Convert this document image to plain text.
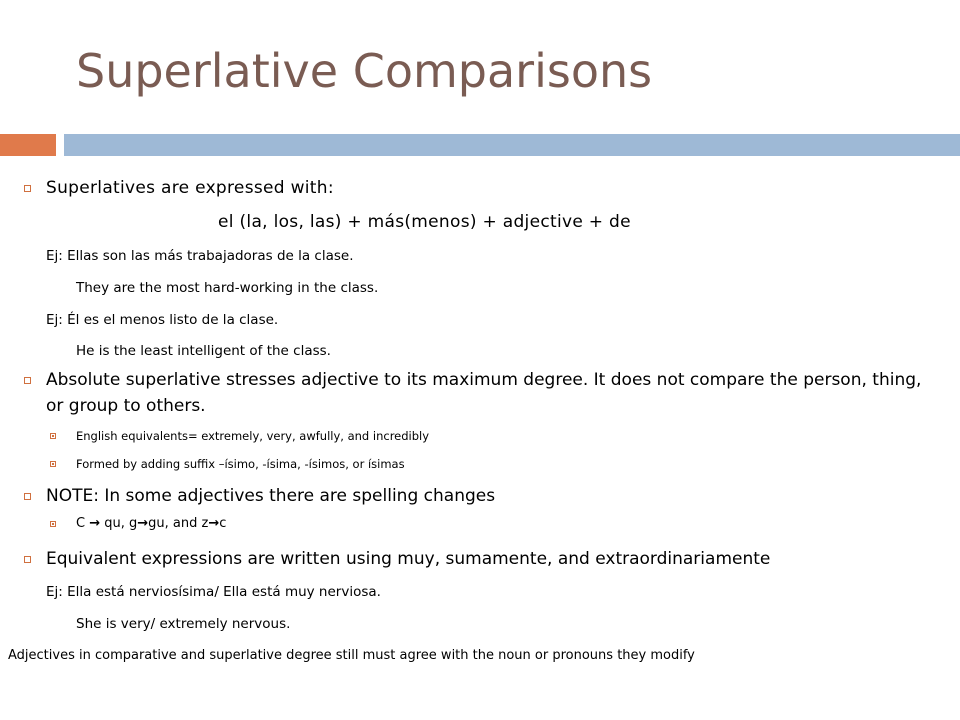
Superlative Comparisons
Superlatives are expressed with:
el (la, los, las) + más(menos) + adjective + de
Ej: Ellas son las más trabajadoras de la clase.
They are the most hard-working in the class.
Ej: Él es el menos listo de la clase.
He is the least intelligent of the class.
Absolute superlative stresses adjective to its maximum degree. It does not compare the person, thing,
or group to others.
English equivalents= extremely, very, awfully, and incredibly
Formed by adding suffix –ísimo, -ísima, -ísimos, or ísimas
NOTE: In some adjectives there are spelling changes
C → qu, g→gu, and z→c
Equivalent expressions are written using muy, sumamente, and extraordinariamente
Ej: Ella está nerviosísima/ Ella está muy nerviosa.
She is very/ extremely nervous.
Adjectives in comparative and superlative degree still must agree with the noun or pronouns they modify
